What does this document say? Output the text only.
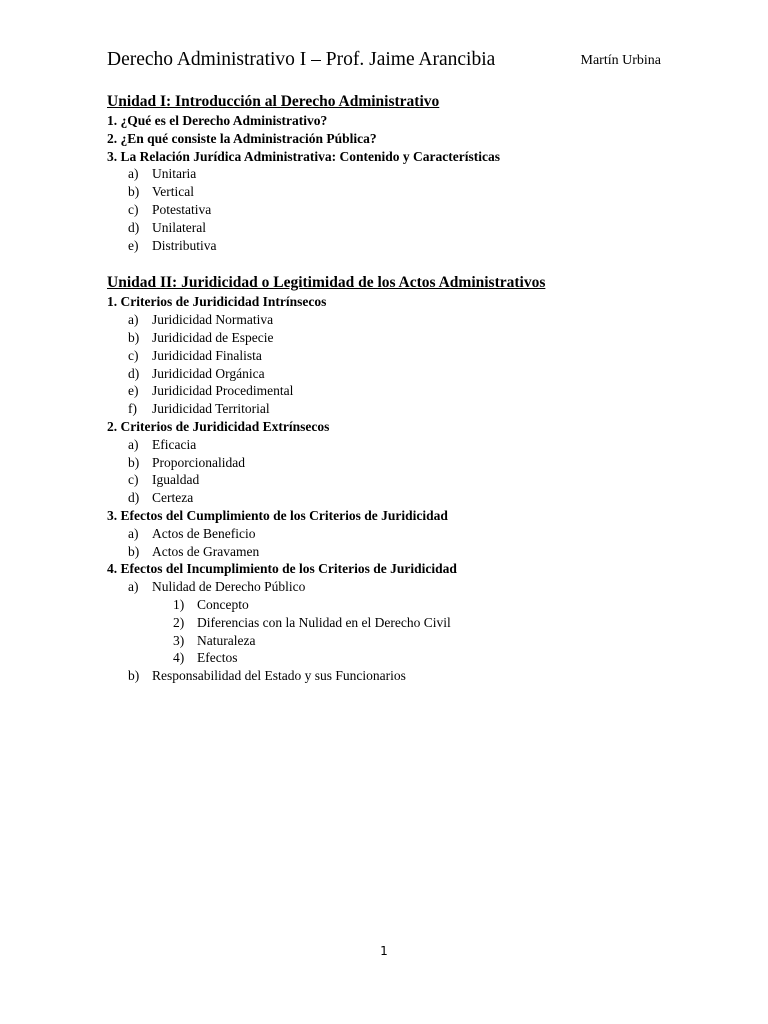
Derecho Administrativo I – Prof. Jaime Arancibia	Martín Urbina
Unidad I: Introducción al Derecho Administrativo
1. ¿Qué es el Derecho Administrativo?
2. ¿En qué consiste la Administración Pública?
3. La Relación Jurídica Administrativa: Contenido y Características
a)	Unitaria
b) Vertical
c)	Potestativa
d) Unilateral
e)	Distributiva
Unidad II: Juridicidad o Legitimidad de los Actos Administrativos
1. Criterios de Juridicidad Intrínsecos
a)	Juridicidad Normativa
b) Juridicidad de Especie
c)	Juridicidad Finalista
d) Juridicidad Orgánica
e)	Juridicidad Procedimental
f)	Juridicidad Territorial
2. Criterios de Juridicidad Extrínsecos
a)	Eficacia
b) Proporcionalidad
c)	Igualdad
d) Certeza
3. Efectos del Cumplimiento de los Criterios de Juridicidad
a)	Actos de Beneficio
b) Actos de Gravamen
4. Efectos del Incumplimiento de los Criterios de Juridicidad
a)	Nulidad de Derecho Público
1) Concepto
2) Diferencias con la Nulidad en el Derecho Civil
3) Naturaleza
4) Efectos
b) Responsabilidad del Estado y sus Funcionarios
1
